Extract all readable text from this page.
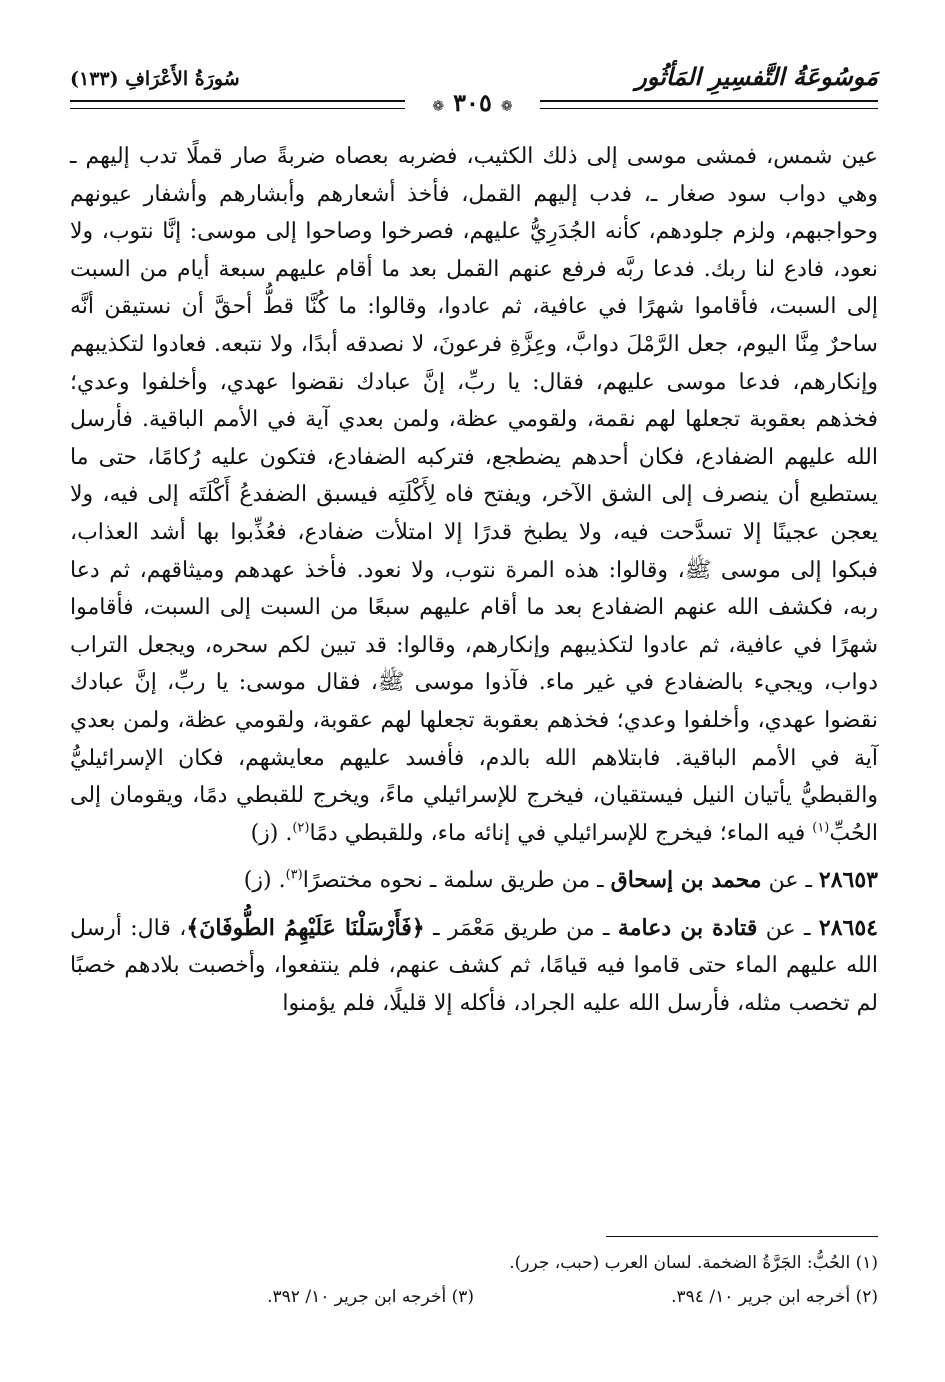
مَوسُوعَةُ التَّفسِيرِ المَأثُور
سُورَةُ الأَعْرَافِ (١٣٣)
❁ ٣٠٥ ❁

عين شمس، فمشى موسى إلى ذلك الكثيب، فضربه بعصاه ضربةً صار قملًا تدب إليهم ـ وهي دواب سود صغار ـ، فدب إليهم القمل، فأخذ أشعارهم وأبشارهم وأشفار عيونهم وحواجبهم، ولزم جلودهم، كأنه الجُدَرِيُّ عليهم، فصرخوا وصاحوا إلى موسى: إنَّا نتوب، ولا نعود، فادع لنا ربك. فدعا ربَّه فرفع عنهم القمل بعد ما أقام عليهم سبعة أيام من السبت إلى السبت، فأقاموا شهرًا في عافية، ثم عادوا، وقالوا: ما كُنَّا قطُّ أحقَّ أن نستيقن أنَّه ساحرٌ مِنَّا اليوم، جعل الرَّمْلَ دوابَّ، وعِزَّةِ فرعونَ، لا نصدقه أبدًا، ولا نتبعه. فعادوا لتكذيبهم وإنكارهم، فدعا موسى عليهم، فقال: يا ربِّ، إنَّ عبادك نقضوا عهدي، وأخلفوا وعدي؛ فخذهم بعقوبة تجعلها لهم نقمة، ولقومي عظة، ولمن بعدي آية في الأمم الباقية. فأرسل الله عليهم الضفادع، فكان أحدهم يضطجع، فتركبه الضفادع، فتكون عليه رُكامًا، حتى ما يستطيع أن ينصرف إلى الشق الآخر، ويفتح فاه لِأَكْلَتِه فيسبق الضفدعُ أَكْلَتَه إلى فيه، ولا يعجن عجينًا إلا تسدَّحت فيه، ولا يطبخ قدرًا إلا امتلأت ضفادع، فعُذِّبوا بها أشد العذاب، فبكوا إلى موسى ﷺ، وقالوا: هذه المرة نتوب، ولا نعود. فأخذ عهدهم وميثاقهم، ثم دعا ربه، فكشف الله عنهم الضفادع بعد ما أقام عليهم سبعًا من السبت إلى السبت، فأقاموا شهرًا في عافية، ثم عادوا لتكذيبهم وإنكارهم، وقالوا: قد تبين لكم سحره، ويجعل التراب دواب، ويجيء بالضفادع في غير ماء. فآذوا موسى ﷺ، فقال موسى: يا ربِّ، إنَّ عبادك نقضوا عهدي، وأخلفوا وعدي؛ فخذهم بعقوبة تجعلها لهم عقوبة، ولقومي عظة، ولمن بعدي آية في الأمم الباقية. فابتلاهم الله بالدم، فأفسد عليهم معايشهم، فكان الإسرائيليُّ والقبطيُّ يأتيان النيل فيستقيان، فيخرج للإسرائيلي ماءً، ويخرج للقبطي دمًا، ويقومان إلى الحُبِّ$^{(١)}$ فيه الماء؛ فيخرج للإسرائيلي في إنائه ماء، وللقبطي دمًا$^{(٢)}$. (ز)

٢٨٦٥٣ ـ عن محمد بن إسحاق ـ من طريق سلمة ـ نحوه مختصرًا$^{(٣)}$. (ز)

٢٨٦٥٤ ـ عن قتادة بن دعامة ـ من طريق مَعْمَر ـ ﴿فَأَرْسَلْنَا عَلَيْهِمُ الطُّوفَانَ﴾، قال: أرسل الله عليهم الماء حتى قاموا فيه قيامًا، ثم كشف عنهم، فلم ينتفعوا، وأخصبت بلادهم خصبًا لم تخصب مثله، فأرسل الله عليه الجراد، فأكله إلا قليلًا، فلم يؤمنوا

(١) الحُبُّ: الجَرَّةُ الضخمة. لسان العرب (حبب، جرر).
(٢) أخرجه ابن جرير ١٠/ ٣٩٤.
(٣) أخرجه ابن جرير ١٠/ ٣٩٢.
